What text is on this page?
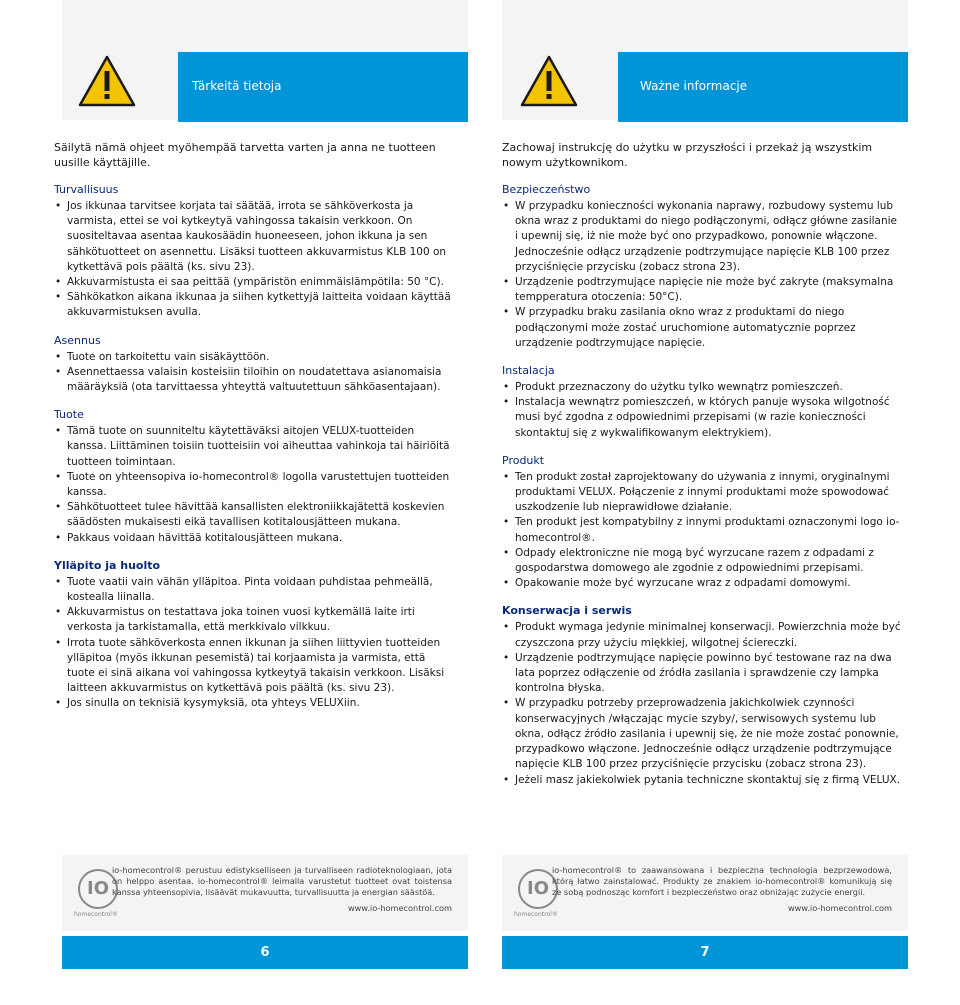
Tärkeitä tietoja
Säilytä nämä ohjeet myöhempää tarvetta varten ja anna ne tuotteen uusille käyttäjille.
Turvallisuus
• Jos ikkunaa tarvitsee korjata tai säätää, irrota se sähköverkosta ja varmista, ettei se voi kytkeytyä vahingossa takaisin verkkoon. On suositeltavaa asentaa kaukosäädin huoneeseen, johon ikkuna ja sen sähkötuotteet on asennettu. Lisäksi tuotteen akkuvarmistus KLB 100 on kytkettävä pois päältä (ks. sivu 23).
• Akkuvarmistusta ei saa peittää (ympäristön enimmäislämpötila: 50 °C).
• Sähkökatkon aikana ikkunaa ja siihen kytkettyjä laitteita voidaan käyttää akkuvarmistuksen avulla.
Asennus
• Tuote on tarkoitettu vain sisäkäyttöön.
• Asennettaessa valaisin kosteisiin tiloihin on noudatettava asianomaisia määräyksiä (ota tarvittaessa yhteyttä valtuutettuun sähköasentajaan).
Tuote
• Tämä tuote on suunniteltu käytettäväksi aitojen VELUX-tuotteiden kanssa. Liittäminen toisiin tuotteisiin voi aiheuttaa vahinkoja tai häiriöitä tuotteen toimintaan.
• Tuote on yhteensopiva io-homecontrol® logolla varustettujen tuotteiden kanssa.
• Sähkötuotteet tulee hävittää kansallisten elektroniikkajätettä koskevien säädösten mukaisesti eikä tavallisen kotitalousjätteen mukana.
• Pakkaus voidaan hävittää kotitalousjätteen mukana.
Ylläpito ja huolto
• Tuote vaatii vain vähän ylläpitoa. Pinta voidaan puhdistaa pehmeällä, kostealla liinalla.
• Akkuvarmistus on testattava joka toinen vuosi kytkemällä laite irti verkosta ja tarkistamalla, että merkkivalo vilkkuu.
• Irrota tuote sähköverkosta ennen ikkunan ja siihen liittyvien tuotteiden ylläpitoa (myös ikkunan pesemistä) tai korjaamista ja varmista, että tuote ei sinä aikana voi vahingossa kytkeytyä takaisin verkkoon. Lisäksi laitteen akkuvarmistus on kytkettävä pois päältä (ks. sivu 23).
• Jos sinulla on teknisiä kysymyksiä, ota yhteys VELUXiin.
Ważne informacje
Zachowaj instrukcję do użytku w przyszłości i przekaż ją wszystkim nowym użytkownikom.
Bezpieczeństwo
• W przypadku konieczności wykonania naprawy, rozbudowy systemu lub okna wraz z produktami do niego podłączonymi, odłącz główne zasilanie i upewnij się, iż nie może być ono przypadkowo, ponownie włączone. Jednocześnie odłącz urządzenie podtrzymujące napięcie KLB 100 przez przyciśnięcie przycisku (zobacz strona 23).
• Urządzenie podtrzymujące napięcie nie może być zakryte (maksymalna tempperatura otoczenia: 50°C).
• W przypadku braku zasilania okno wraz z produktami do niego podłączonymi może zostać uruchomione automatycznie poprzez urządzenie podtrzymujące napięcie.
Instalacja
• Produkt przeznaczony do użytku tylko wewnątrz pomieszczeń.
• Instalacja wewnątrz pomieszczeń, w których panuje wysoka wilgotność musi być zgodna z odpowiednimi przepisami (w razie konieczności skontaktuj się z wykwalifikowanym elektrykiem).
Produkt
• Ten produkt został zaprojektowany do używania z innymi, oryginalnymi produktami VELUX. Połączenie z innymi produktami może spowodować uszkodzenie lub nieprawidłowe działanie.
• Ten produkt jest kompatybilny z innymi produktami oznaczonymi logo io-homecontrol®.
• Odpady elektroniczne nie mogą być wyrzucane razem z odpadami z gospodarstwa domowego ale zgodnie z odpowiednimi przepisami.
• Opakowanie może być wyrzucane wraz z odpadami domowymi.
Konserwacja i serwis
• Produkt wymaga jedynie minimalnej konserwacji. Powierzchnia może być czyszczona przy użyciu miękkiej, wilgotnej ściereczki.
• Urządzenie podtrzymujące napięcie powinno być testowane raz na dwa lata poprzez odłączenie od źródła zasilania i sprawdzenie czy lampka kontrolna błyska.
• W przypadku potrzeby przeprowadzenia jakichkolwiek czynności konserwacyjnych /włączając mycie szyby/, serwisowych systemu lub okna, odłącz źródło zasilania i upewnij się, że nie może zostać ponownie, przypadkowo włączone. Jednocześnie odłącz urządzenie podtrzymujące napięcie KLB 100 przez przyciśnięcie przycisku (zobacz strona 23).
• Jeżeli masz jakiekolwiek pytania techniczne skontaktuj się z firmą VELUX.
IO
homecontrol®
io-homecontrol® perustuu edistykselliseen ja turvalliseen radioteknologiaan, jota on helppo asentaa. io-homecontrol® leimalla varustetut tuotteet ovat toistensa kanssa yhteensopivia, lisäävät mukavuutta, turvallisuutta ja energian säästöä.
www.io-homecontrol.com
IO
homecontrol®
io-homecontrol® to zaawansowana i bezpieczna technologia bezprzewodowa, którą łatwo zainstalować. Produkty ze znakiem io-homecontrol® komunikują się ze sobą podnosząc komfort i bezpieczeństwo oraz obniżając zużycie energii.
www.io-homecontrol.com
6	7
